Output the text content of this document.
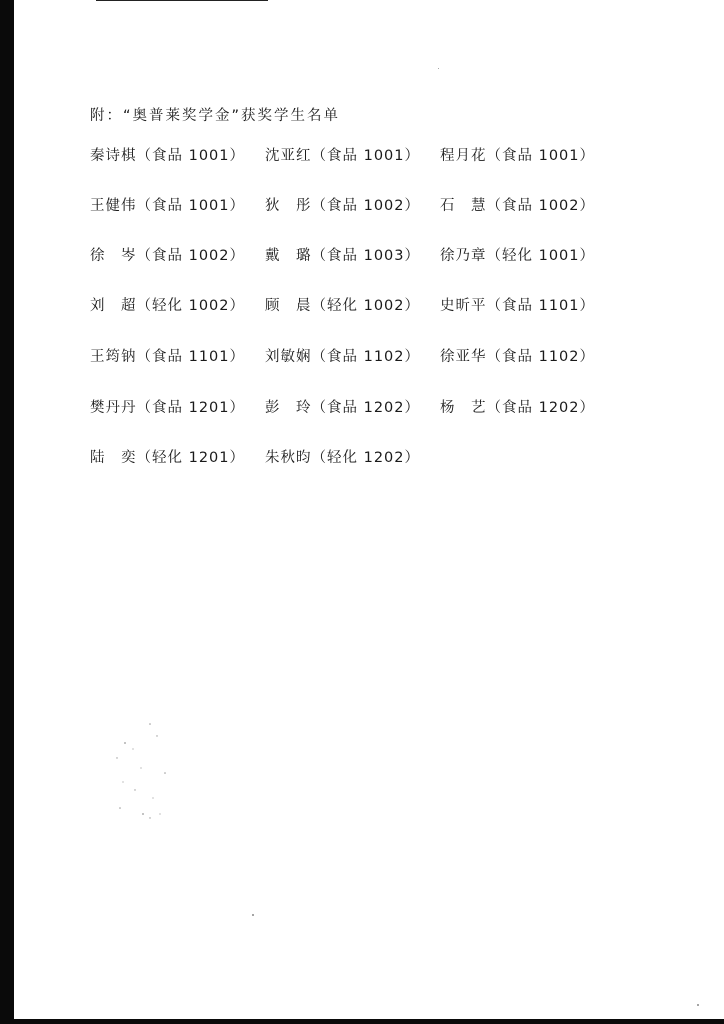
附：“奥普莱奖学金”获奖学生名单
秦诗棋（食品 1001） 沈亚红（食品 1001） 程月花（食品 1001）
王健伟（食品 1001） 狄　彤（食品 1002） 石　慧（食品 1002）
徐　岑（食品 1002） 戴　璐（食品 1003） 徐乃章（轻化 1001）
刘　超（轻化 1002） 顾　晨（轻化 1002） 史昕平（食品 1101）
王筠钠（食品 1101） 刘敏娴（食品 1102） 徐亚华（食品 1102）
樊丹丹（食品 1201） 彭　玲（食品 1202） 杨　艺（食品 1202）
陆　奕（轻化 1201） 朱秋昀（轻化 1202）
